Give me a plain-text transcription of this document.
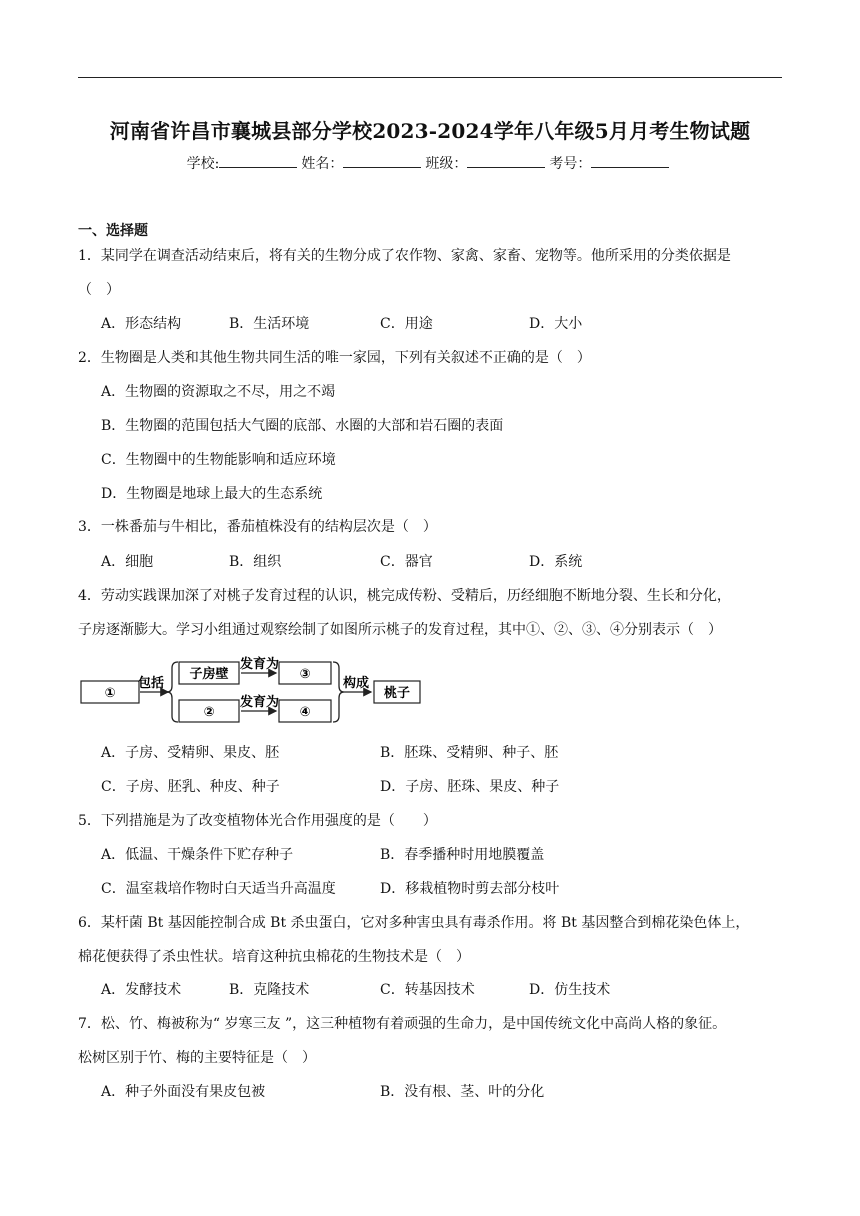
河南省许昌市襄城县部分学校2023-2024学年八年级5月月考生物试题
学校:	姓名：	班级：	考号：
一、选择题
1．某同学在调查活动结束后，将有关的生物分成了农作物、家禽、家畜、宠物等。他所采用的分类依据是
（　）
A．形态结构	B．生活环境	C．用途	D．大小
2．生物圈是人类和其他生物共同生活的唯一家园，下列有关叙述不正确的是（　）
A．生物圈的资源取之不尽，用之不竭
B．生物圈的范围包括大气圈的底部、水圈的大部和岩石圈的表面
C．生物圈中的生物能影响和适应环境
D．生物圈是地球上最大的生态系统
3．一株番茄与牛相比，番茄植株没有的结构层次是（　）
A．细胞	B．组织	C．器官	D．系统
4．劳动实践课加深了对桃子发育过程的认识，桃完成传粉、受精后，历经细胞不断地分裂、生长和分化，
子房逐渐膨大。学习小组通过观察绘制了如图所示桃子的发育过程，其中①、②、③、④分别表示（　）
①
包括
子房壁
②
发育为
发育为
③
④
构成
桃子
A．子房、受精卵、果皮、胚	B．胚珠、受精卵、种子、胚
C．子房、胚乳、种皮、种子	D．子房、胚珠、果皮、种子
5．下列措施是为了改变植物体光合作用强度的是（　　）
A．低温、干燥条件下贮存种子	B．春季播种时用地膜覆盖
C．温室栽培作物时白天适当升高温度	D．移栽植物时剪去部分枝叶
6．某杆菌 Bt 基因能控制合成 Bt 杀虫蛋白，它对多种害虫具有毒杀作用。将 Bt 基因整合到棉花染色体上，
棉花便获得了杀虫性状。培育这种抗虫棉花的生物技术是（　）
A．发酵技术	B．克隆技术	C．转基因技术	D．仿生技术
7．松、竹、梅被称为“ 岁寒三友 ”，这三种植物有着顽强的生命力，是中国传统文化中高尚人格的象征。
松树区别于竹、梅的主要特征是（　）
A．种子外面没有果皮包被	B．没有根、茎、叶的分化
